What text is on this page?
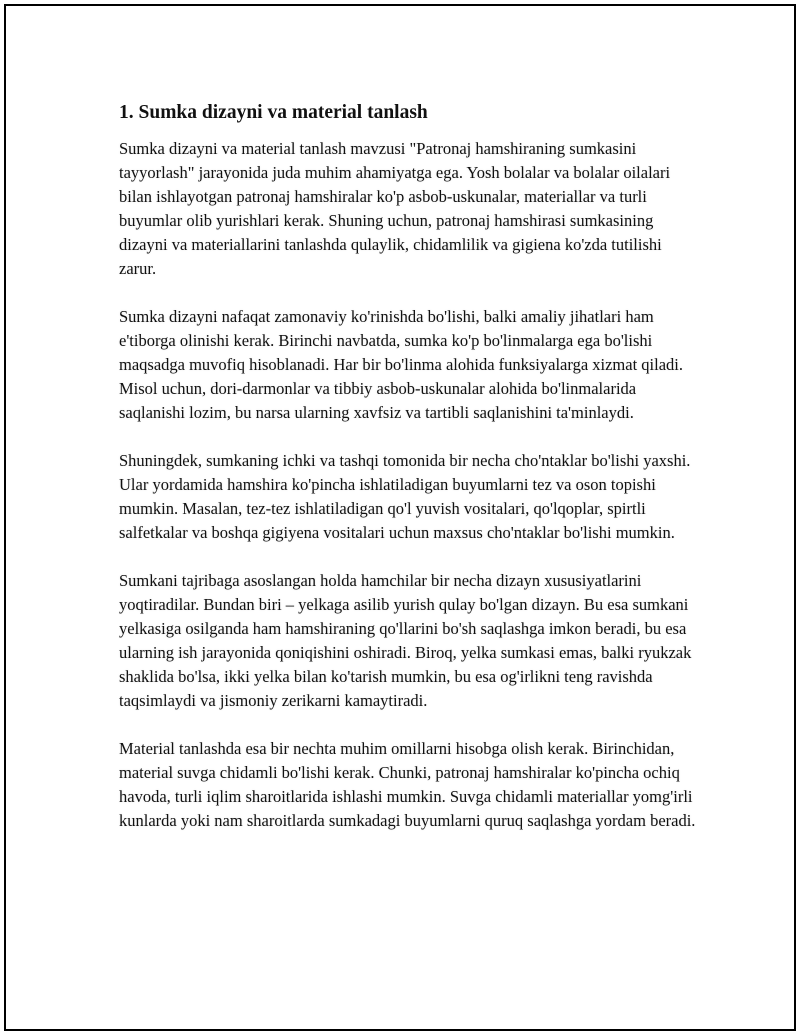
1. Sumka dizayni va material tanlash

Sumka dizayni va material tanlash mavzusi "Patronaj hamshiraning sumkasini tayyorlash" jarayonida juda muhim ahamiyatga ega. Yosh bolalar va bolalar oilalari bilan ishlayotgan patronaj hamshiralar ko'p asbob-uskunalar, materiallar va turli buyumlar olib yurishlari kerak. Shuning uchun, patronaj hamshirasi sumkasining dizayni va materiallarini tanlashda qulaylik, chidamlilik va gigiena ko'zda tutilishi zarur.

Sumka dizayni nafaqat zamonaviy ko'rinishda bo'lishi, balki amaliy jihatlari ham e'tiborga olinishi kerak. Birinchi navbatda, sumka ko'p bo'linmalarga ega bo'lishi maqsadga muvofiq hisoblanadi. Har bir bo'linma alohida funksiyalarga xizmat qiladi. Misol uchun, dori-darmonlar va tibbiy asbob-uskunalar alohida bo'linmalarida saqlanishi lozim, bu narsa ularning xavfsiz va tartibli saqlanishini ta'minlaydi.

Shuningdek, sumkaning ichki va tashqi tomonida bir necha cho'ntaklar bo'lishi yaxshi. Ular yordamida hamshira ko'pincha ishlatiladigan buyumlarni tez va oson topishi mumkin. Masalan, tez-tez ishlatiladigan qo'l yuvish vositalari, qo'lqoplar, spirtli salfetkalar va boshqa gigiyena vositalari uchun maxsus cho'ntaklar bo'lishi mumkin.

Sumkani tajribaga asoslangan holda hamchilar bir necha dizayn xususiyatlarini yoqtiradilar. Bundan biri – yelkaga asilib yurish qulay bo'lgan dizayn. Bu esa sumkani yelkasiga osilganda ham hamshiraning qo'llarini bo'sh saqlashga imkon beradi, bu esa ularning ish jarayonida qoniqishini oshiradi. Biroq, yelka sumkasi emas, balki ryukzak shaklida bo'lsa, ikki yelka bilan ko'tarish mumkin, bu esa og'irlikni teng ravishda taqsimlaydi va jismoniy zerikarni kamaytiradi.

Material tanlashda esa bir nechta muhim omillarni hisobga olish kerak. Birinchidan, material suvga chidamli bo'lishi kerak. Chunki, patronaj hamshiralar ko'pincha ochiq havoda, turli iqlim sharoitlarida ishlashi mumkin. Suvga chidamli materiallar yomg'irli kunlarda yoki nam sharoitlarda sumkadagi buyumlarni quruq saqlashga yordam beradi.
